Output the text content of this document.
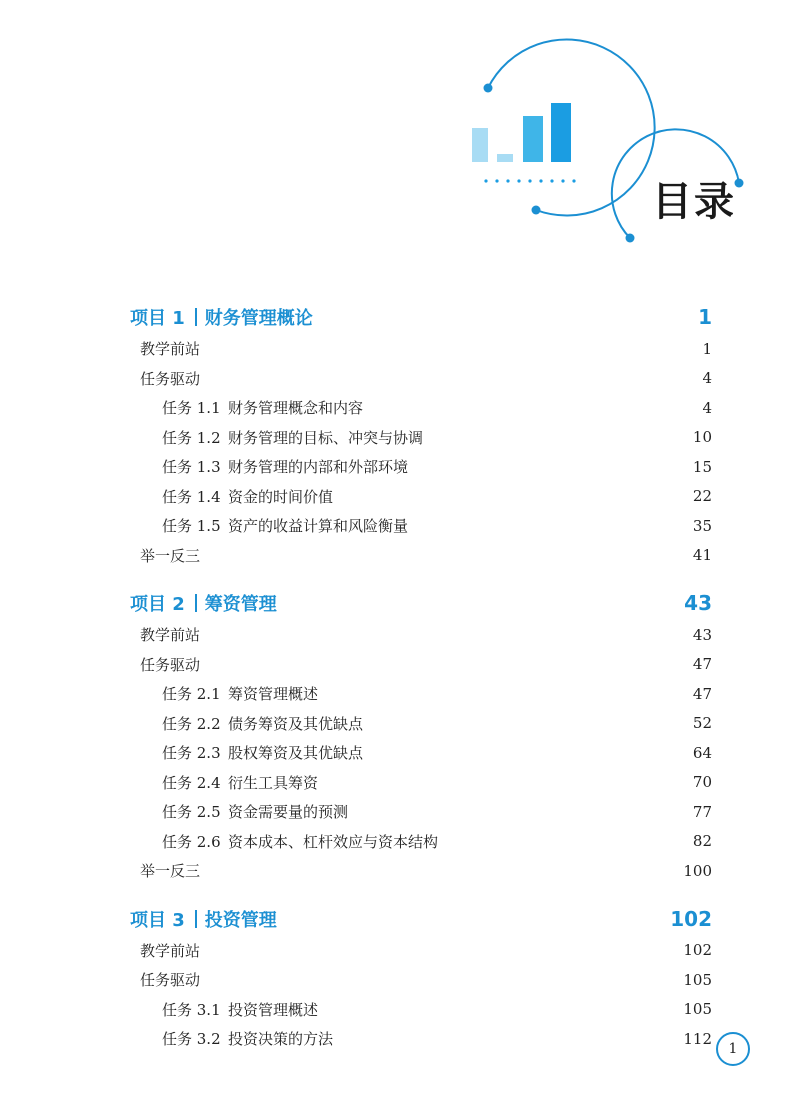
目录
项目 1 财务管理概论	1
教学前站	1
任务驱动	4
任务 1.1 财务管理概念和内容	4
任务 1.2 财务管理的目标、冲突与协调	10
任务 1.3 财务管理的内部和外部环境	15
任务 1.4 资金的时间价值	22
任务 1.5 资产的收益计算和风险衡量	35
举一反三	41
项目 2 筹资管理	43
教学前站	43
任务驱动	47
任务 2.1 筹资管理概述	47
任务 2.2 债务筹资及其优缺点	52
任务 2.3 股权筹资及其优缺点	64
任务 2.4 衍生工具筹资	70
任务 2.5 资金需要量的预测	77
任务 2.6 资本成本、杠杆效应与资本结构	82
举一反三	100
项目 3 投资管理	102
教学前站	102
任务驱动	105
任务 3.1 投资管理概述	105
任务 3.2 投资决策的方法	112
1
